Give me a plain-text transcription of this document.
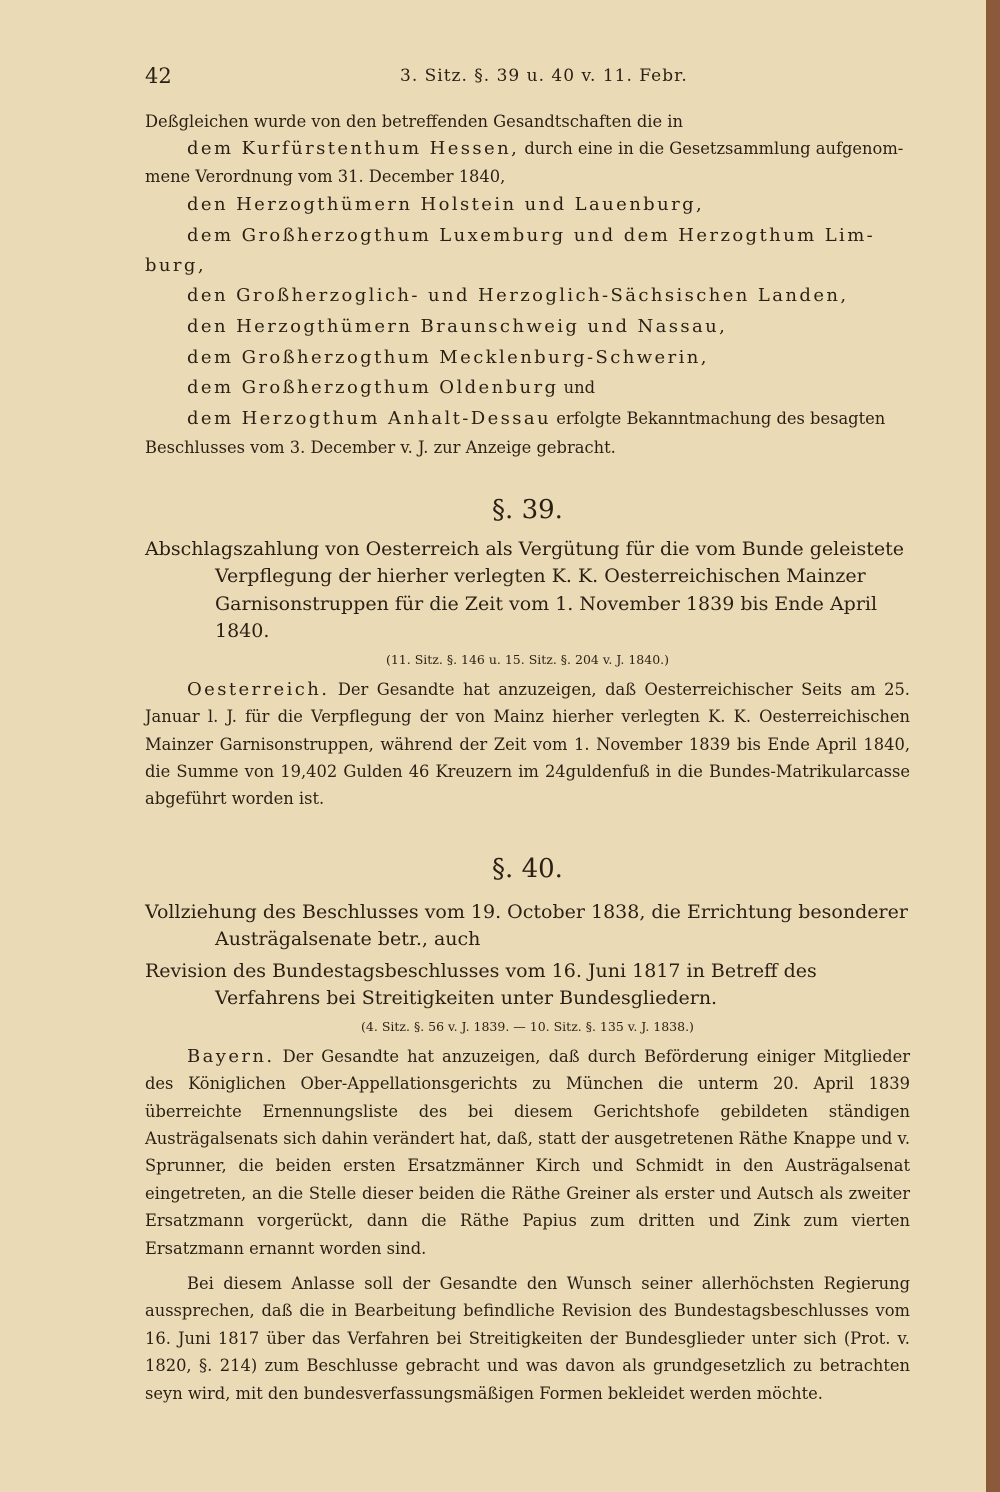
42	3. Sitz. §. 39 u. 40 v. 11. Febr.

Deßgleichen wurde von den betreffenden Gesandtschaften die in

dem Kurfürstenthum Hessen, durch eine in die Gesetzsammlung aufgenom-

mene Verordnung vom 31. December 1840,

den Herzogthümern Holstein und Lauenburg,

dem Großherzogthum Luxemburg und dem Herzogthum Lim-

burg,

den Großherzoglich- und Herzoglich-Sächsischen Landen,

den Herzogthümern Braunschweig und Nassau,

dem Großherzogthum Mecklenburg-Schwerin,

dem Großherzogthum Oldenburg und

dem Herzogthum Anhalt-Dessau erfolgte Bekanntmachung des besagten

Beschlusses vom 3. December v. J. zur Anzeige gebracht.

§. 39.

Abschlagszahlung von Oesterreich als Vergütung für die vom Bunde geleistete Verpflegung der hierher verlegten K. K. Oesterreichischen Mainzer Garnisonstruppen für die Zeit vom 1. November 1839 bis Ende April 1840.

(11. Sitz. §. 146 u. 15. Sitz. §. 204 v. J. 1840.)

Oesterreich. Der Gesandte hat anzuzeigen, daß Oesterreichischer Seits am 25. Januar l. J. für die Verpflegung der von Mainz hierher verlegten K. K. Oesterreichischen Mainzer Garnisonstruppen, während der Zeit vom 1. November 1839 bis Ende April 1840, die Summe von 19,402 Gulden 46 Kreuzern im 24guldenfuß in die Bundes-Matrikularcasse abgeführt worden ist.

§. 40.

Vollziehung des Beschlusses vom 19. October 1838, die Errichtung besonderer Austrägalsenate betr., auch

Revision des Bundestagsbeschlusses vom 16. Juni 1817 in Betreff des Verfahrens bei Streitigkeiten unter Bundesgliedern.

(4. Sitz. §. 56 v. J. 1839. — 10. Sitz. §. 135 v. J. 1838.)

Bayern. Der Gesandte hat anzuzeigen, daß durch Beförderung einiger Mitglieder des Königlichen Ober-Appellationsgerichts zu München die unterm 20. April 1839 überreichte Ernennungsliste des bei diesem Gerichtshofe gebildeten ständigen Austrägalsenats sich dahin verändert hat, daß, statt der ausgetretenen Räthe Knappe und v. Sprunner, die beiden ersten Ersatzmänner Kirch und Schmidt in den Austrägalsenat eingetreten, an die Stelle dieser beiden die Räthe Greiner als erster und Autsch als zweiter Ersatzmann vorgerückt, dann die Räthe Papius zum dritten und Zink zum vierten Ersatzmann ernannt worden sind.

Bei diesem Anlasse soll der Gesandte den Wunsch seiner allerhöchsten Regierung aussprechen, daß die in Bearbeitung befindliche Revision des Bundestagsbeschlusses vom 16. Juni 1817 über das Verfahren bei Streitigkeiten der Bundesglieder unter sich (Prot. v. 1820, §. 214) zum Beschlusse gebracht und was davon als grundgesetzlich zu betrachten seyn wird, mit den bundesverfassungsmäßigen Formen bekleidet werden möchte.
